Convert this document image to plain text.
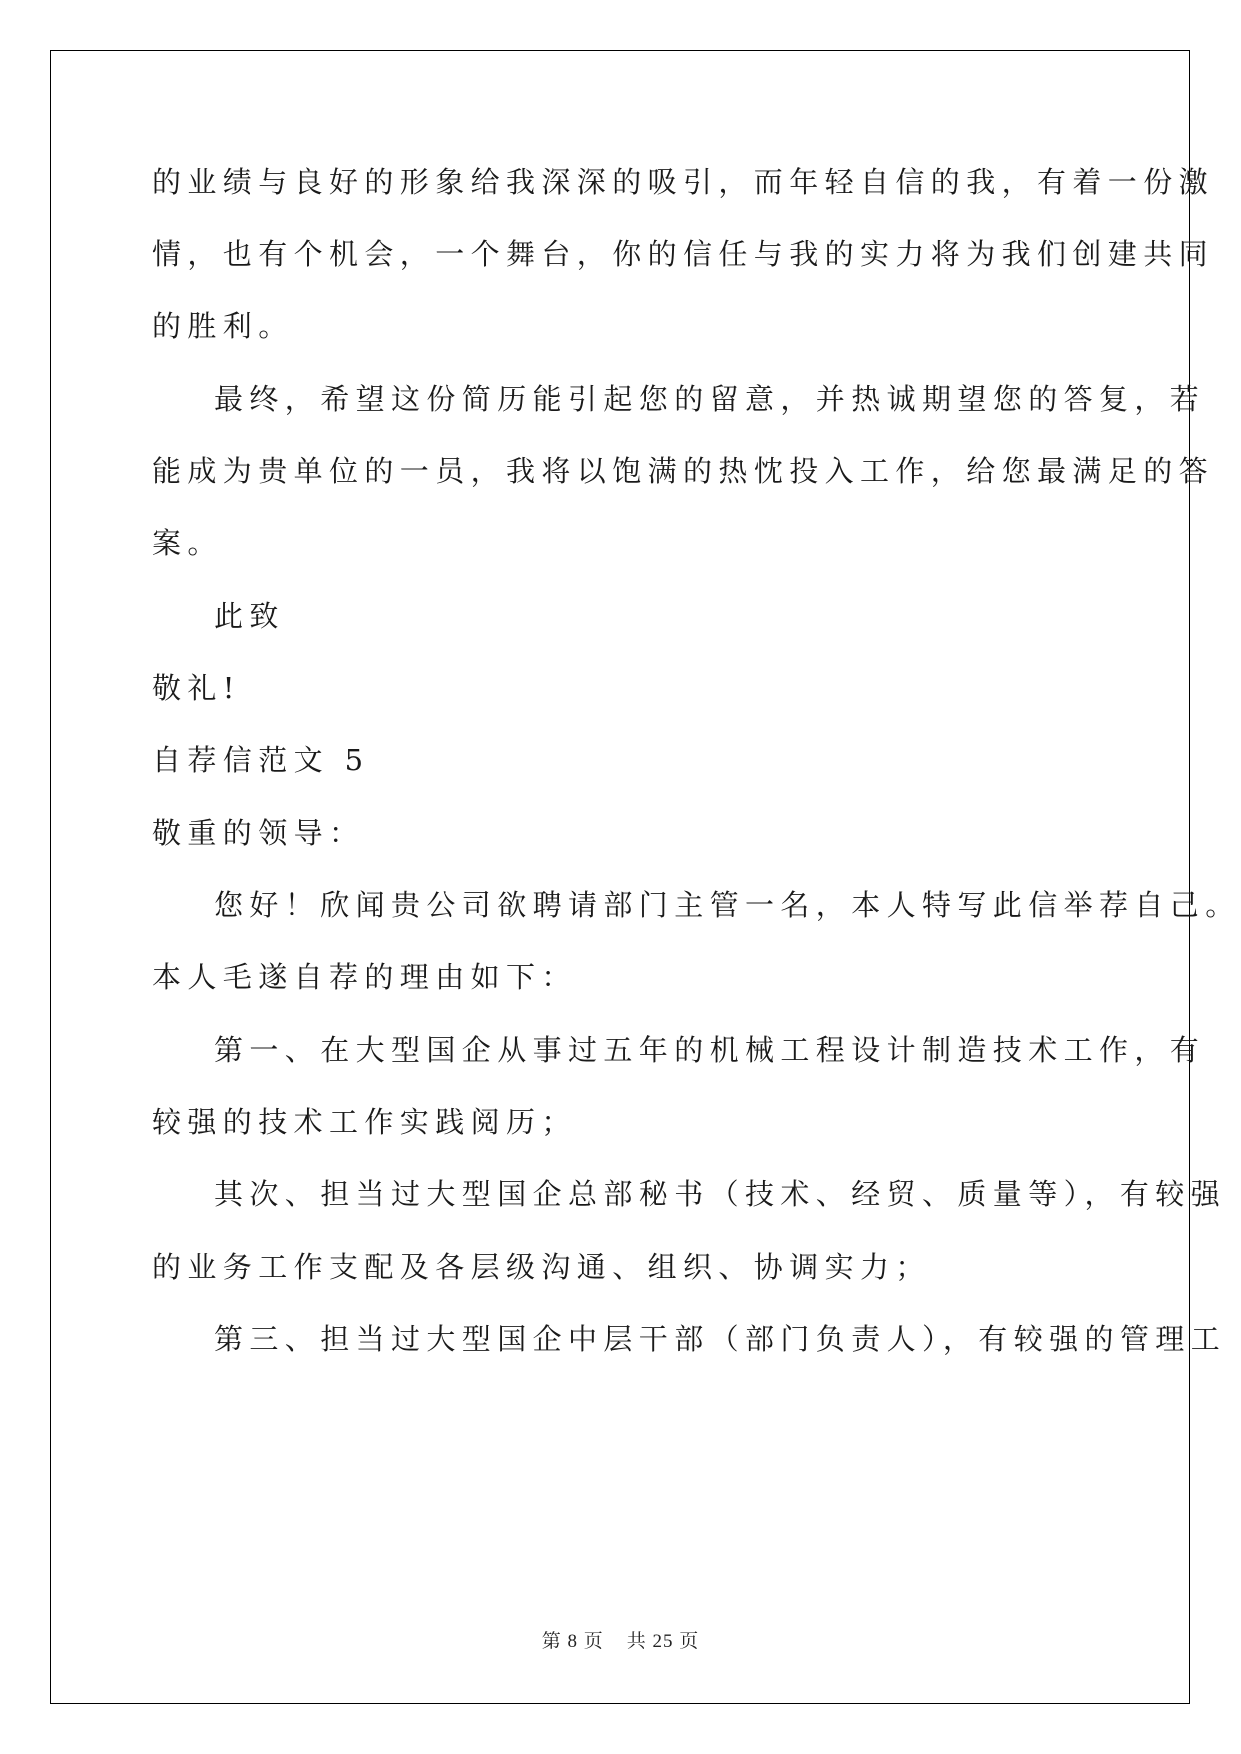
的业绩与良好的形象给我深深的吸引，而年轻自信的我，有着一份激
情，也有个机会，一个舞台，你的信任与我的实力将为我们创建共同
的胜利。
最终，希望这份简历能引起您的留意，并热诚期望您的答复，若
能成为贵单位的一员，我将以饱满的热忱投入工作，给您最满足的答
案。
此致
敬礼!
自荐信范文 5
敬重的领导：
您好！欣闻贵公司欲聘请部门主管一名，本人特写此信举荐自己。
本人毛遂自荐的理由如下：
第一、在大型国企从事过五年的机械工程设计制造技术工作，有
较强的技术工作实践阅历；
其次、担当过大型国企总部秘书（技术、经贸、质量等），有较强
的业务工作支配及各层级沟通、组织、协调实力；
第三、担当过大型国企中层干部（部门负责人），有较强的管理工
第 8 页 共 25 页
